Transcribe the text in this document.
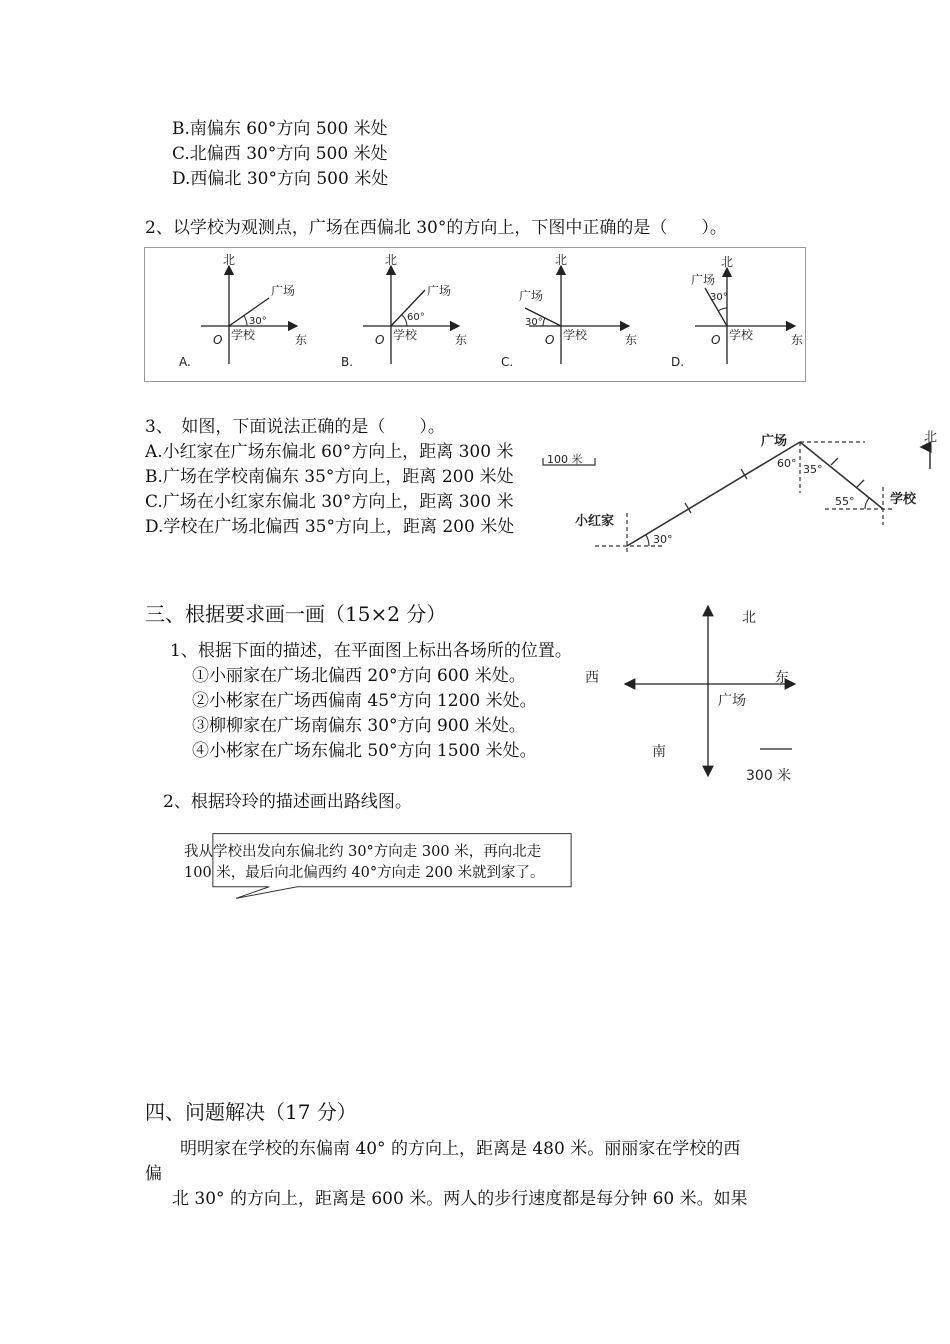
B.南偏东 60°方向 500 米处
C.北偏西 30°方向 500 米处
D.西偏北 30°方向 500 米处
2、以学校为观测点，广场在西偏北 30°的方向上，下图中正确的是（　　）。
北
广场
30°
O 学校	东
A.
北
广场
60°
O 学校	东
B.
北
广场
30°
O 学校	东
C.
北
广场
30°
O 学校	东
D.
3、　如图，下面说法正确的是（　　）。
A.小红家在广场东偏北 60°方向上，距离 300 米
B.广场在学校南偏东 35°方向上，距离 200 米处
C.广场在小红家东偏北 30°方向上，距离 300 米
D.学校在广场北偏西 35°方向上，距离 200 米处
广场
小红家
学校
北
100 米
30°
60° 35°
55°
三、根据要求画一画（15×2 分）
1、根据下面的描述，在平面图上标出各场所的位置。
①小丽家在广场北偏西 20°方向 600 米处。
②小彬家在广场西偏南 45°方向 1200 米处。
③柳柳家在广场南偏东 30°方向 900 米处。
④小彬家在广场东偏北 50°方向 1500 米处。
北
西	东
广场
南
300 米
2、根据玲玲的描述画出路线图。
我从学校出发向东偏北约 30°方向走 300 米，再向北走
100 米，最后向北偏西约 40°方向走 200 米就到家了。
四、问题解决（17 分）
明明家在学校的东偏南 40° 的方向上，距离是 480 米。丽丽家在学校的西
偏
北 30° 的方向上，距离是 600 米。两人的步行速度都是每分钟 60 米。如果
